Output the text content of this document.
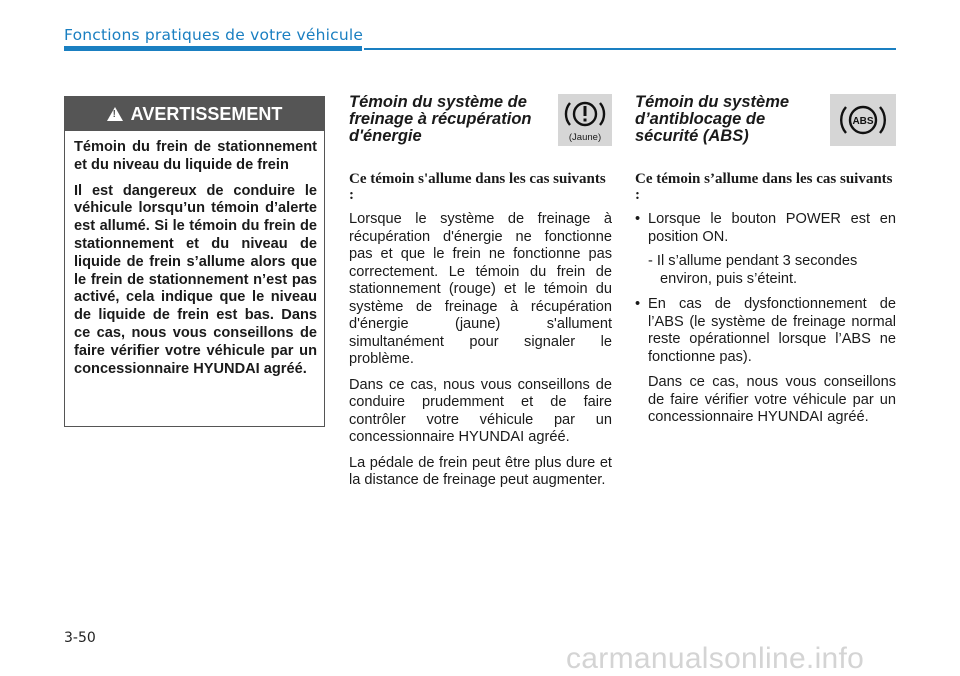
Fonctions pratiques de votre véhicule
! AVERTISSEMENT

Témoin du frein de stationnement et du niveau du liquide de frein

Il est dangereux de conduire le véhicule lorsqu’un témoin d’alerte est allumé. Si le témoin du frein de stationnement et du niveau de liquide de frein s’allume alors que le frein de stationnement n’est pas activé, cela indique que le niveau de liquide de frein est bas. Dans ce cas, nous vous conseillons de faire vérifier votre véhicule par un concessionnaire HYUNDAI agréé.

Témoin du système de freinage à récupération d'énergie	(Jaune)
Ce témoin s'allume dans les cas suivants :
Lorsque le système de freinage à récupération d'énergie ne fonctionne pas et que le frein ne fonctionne pas correctement. Le témoin du frein de stationnement (rouge) et le témoin du système de freinage à récupération d'énergie (jaune) s'allument simultanément pour signaler le problème.
Dans ce cas, nous vous conseillons de conduire prudemment et de faire contrôler votre véhicule par un concessionnaire HYUNDAI agréé.
La pédale de frein peut être plus dure et la distance de freinage peut augmenter.
Témoin du système d’antiblocage de sécurité (ABS)
ABS
Ce témoin s’allume dans les cas suivants :
• Lorsque le bouton POWER est en position ON.
- Il s’allume pendant 3 secondes environ, puis s’éteint.
• En cas de dysfonctionnement de l’ABS (le système de freinage normal reste opérationnel lorsque l’ABS ne fonctionne pas).
Dans ce cas, nous vous conseillons de faire vérifier votre véhicule par un concessionnaire HYUNDAI agréé.
3-50
carmanualsonline.info
